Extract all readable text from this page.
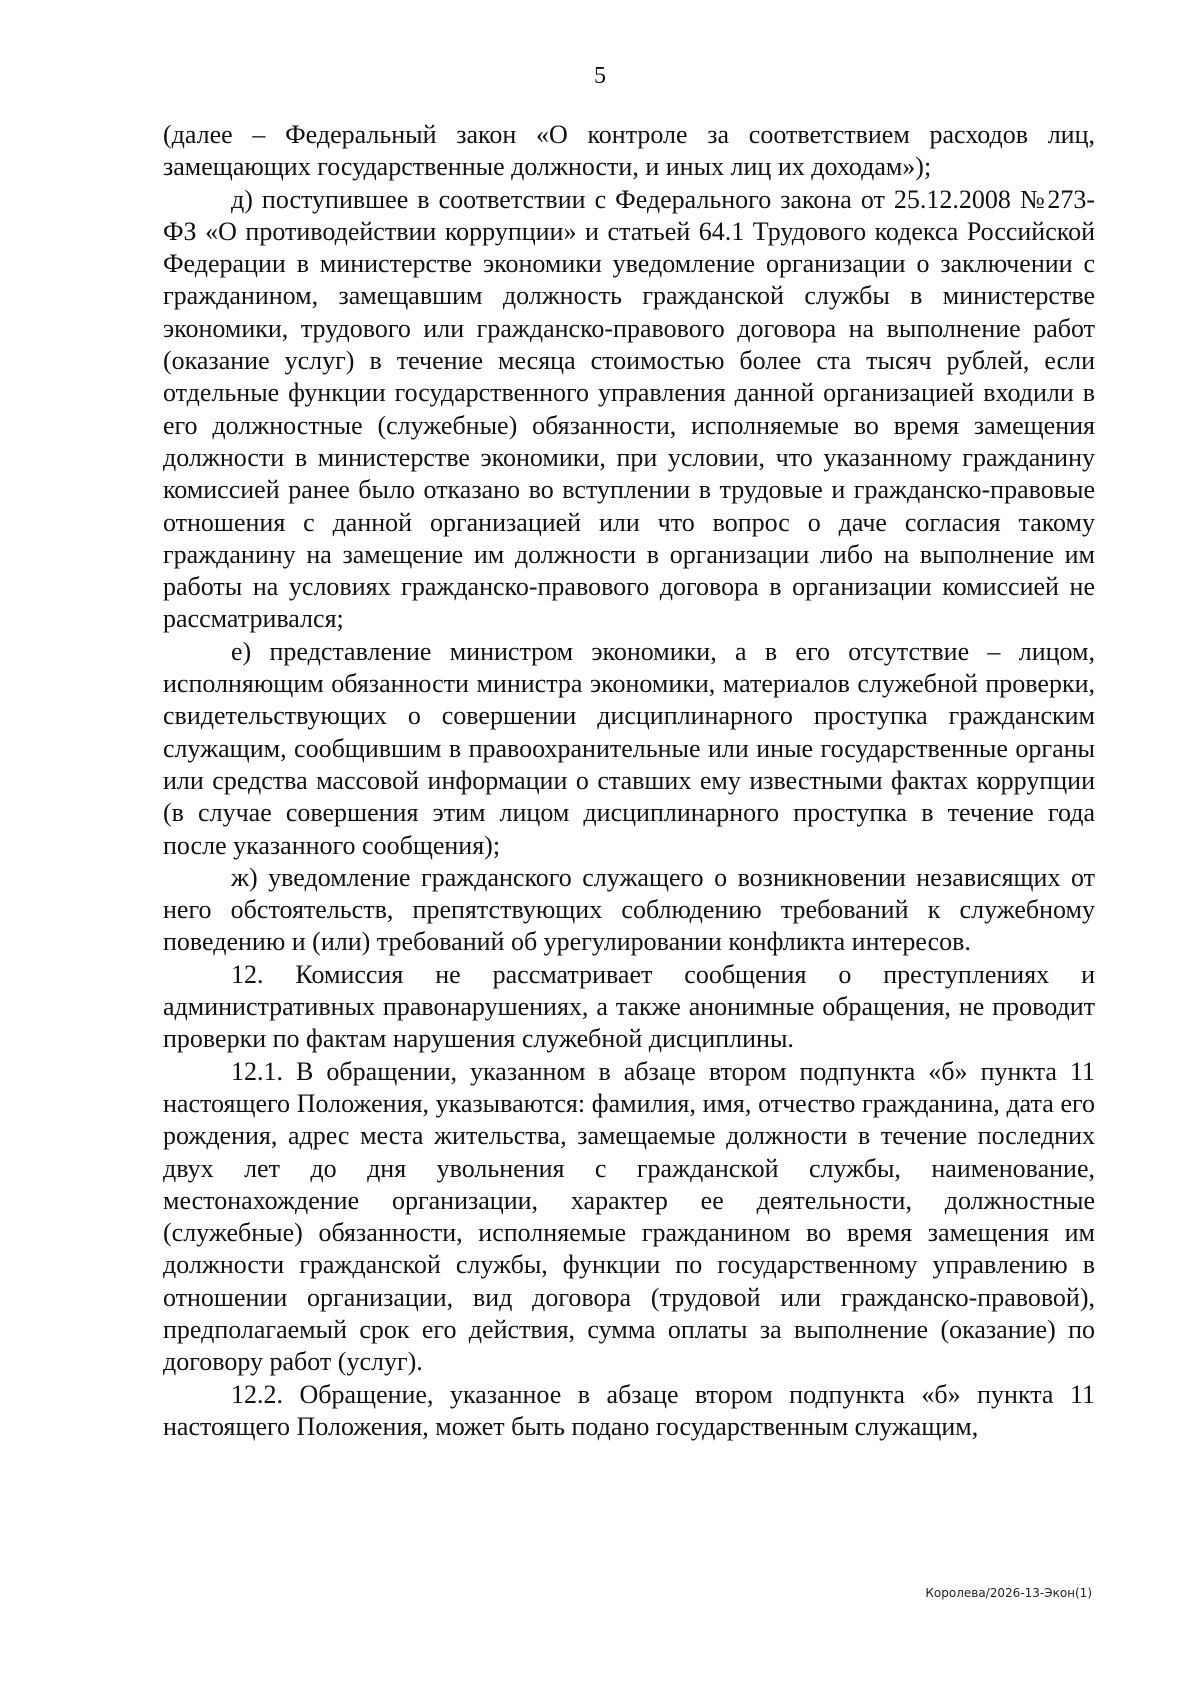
5

(далее – Федеральный закон «О контроле за соответствием расходов лиц, замещающих государственные должности, и иных лиц их доходам»);

д) поступившее в соответствии с Федерального закона от 25.12.2008 №273-ФЗ «О противодействии коррупции» и статьей 64.1 Трудового кодекса Российской Федерации в министерстве экономики уведомление организации о заключении с гражданином, замещавшим должность гражданской службы в министерстве экономики, трудового или гражданско-правового договора на выполнение работ (оказание услуг) в течение месяца стоимостью более ста тысяч рублей, если отдельные функции государственного управления данной организацией входили в его должностные (служебные) обязанности, исполняемые во время замещения должности в министерстве экономики, при условии, что указанному гражданину комиссией ранее было отказано во вступлении в трудовые и гражданско-правовые отношения с данной организацией или что вопрос о даче согласия такому гражданину на замещение им должности в организации либо на выполнение им работы на условиях гражданско-правового договора в организации комиссией не рассматривался;

е) представление министром экономики, а в его отсутствие – лицом, исполняющим обязанности министра экономики, материалов служебной проверки, свидетельствующих о совершении дисциплинарного проступка гражданским служащим, сообщившим в правоохранительные или иные государственные органы или средства массовой информации о ставших ему известными фактах коррупции (в случае совершения этим лицом дисциплинарного проступка в течение года после указанного сообщения);

ж) уведомление гражданского служащего о возникновении независящих от него обстоятельств, препятствующих соблюдению требований к служебному поведению и (или) требований об урегулировании конфликта интересов.

12. Комиссия не рассматривает сообщения о преступлениях и административных правонарушениях, а также анонимные обращения, не проводит проверки по фактам нарушения служебной дисциплины.

12.1. В обращении, указанном в абзаце втором подпункта «б» пункта 11 настоящего Положения, указываются: фамилия, имя, отчество гражданина, дата его рождения, адрес места жительства, замещаемые должности в течение последних двух лет до дня увольнения с гражданской службы, наименование, местонахождение организации, характер ее деятельности, должностные (служебные) обязанности, исполняемые гражданином во время замещения им должности гражданской службы, функции по государственному управлению в отношении организации, вид договора (трудовой или гражданско-правовой), предполагаемый срок его действия, сумма оплаты за выполнение (оказание) по договору работ (услуг).

12.2. Обращение, указанное в абзаце втором подпункта «б» пункта 11 настоящего Положения, может быть подано государственным служащим,

Королева/2026-13-Экон(1)
